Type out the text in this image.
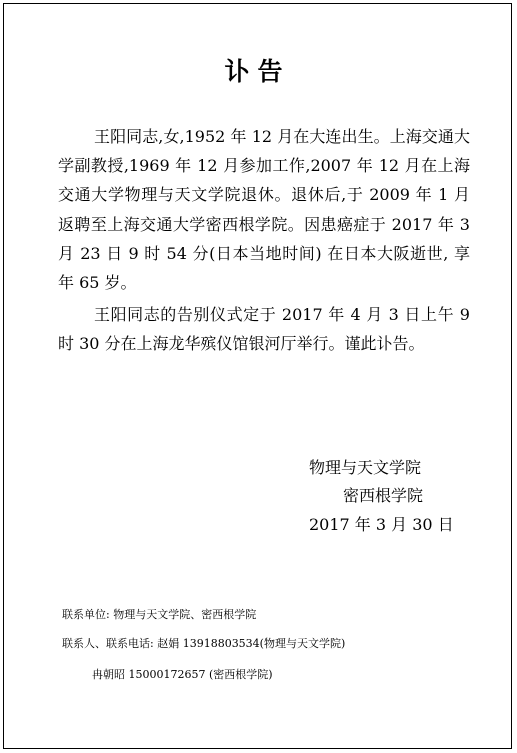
讣告

王阳同志,女,1952 年 12 月在大连出生。上海交通大学副教授,1969 年 12 月参加工作,2007 年 12 月在上海交通大学物理与天文学院退休。退休后,于 2009 年 1 月返聘至上海交通大学密西根学院。因患癌症于 2017 年 3 月 23 日 9 时 54 分(日本当地时间) 在日本大阪逝世, 享年 65 岁。

王阳同志的告别仪式定于 2017 年 4 月 3 日上午 9 时 30 分在上海龙华殡仪馆银河厅举行。谨此讣告。

物理与天文学院
密西根学院
2017 年 3 月 30 日
联系单位: 物理与天文学院、密西根学院
联系人、联系电话: 赵娟 13918803534(物理与天文学院)
冉朝昭 15000172657 (密西根学院)
